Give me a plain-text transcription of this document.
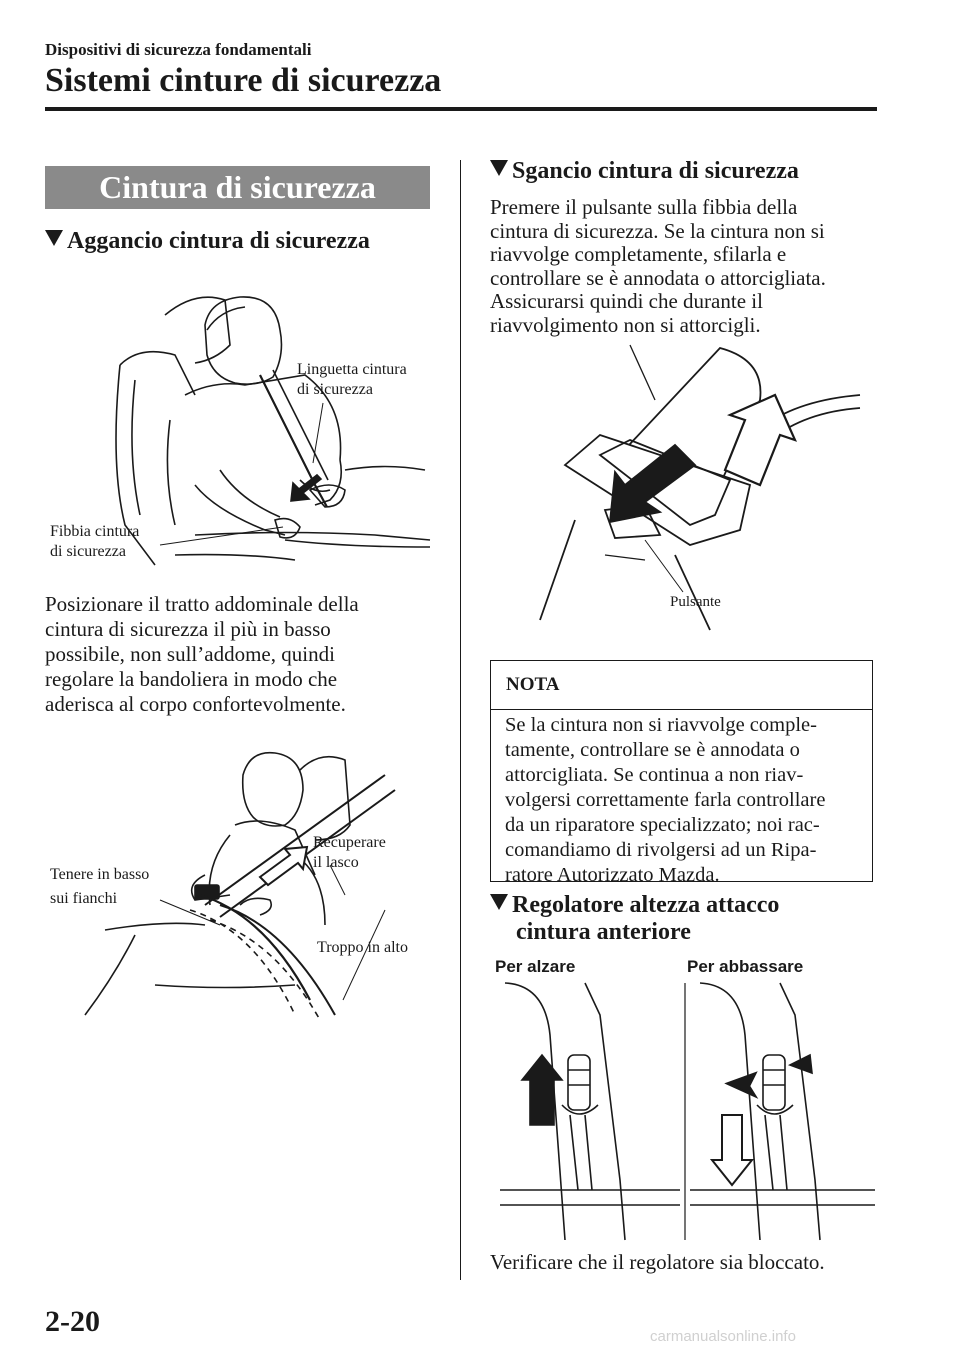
Dispositivi di sicurezza fondamentali
Sistemi cinture di sicurezza
Cintura di sicurezza
Aggancio cintura di sicurezza
Linguetta cintura
di sicurezza
Fibbia cintura
di sicurezza
Posizionare il tratto addominale della
cintura di sicurezza il più in basso
possibile, non sull’addome, quindi
regolare la bandoliera in modo che
aderisca al corpo confortevolmente.
Recuperare
il lasco
Tenere in basso
sui fianchi
Troppo in alto
Sgancio cintura di sicurezza
Premere il pulsante sulla fibbia della
cintura di sicurezza. Se la cintura non si
riavvolge completamente, sfilarla e
controllare se è annodata o attorcigliata.
Assicurarsi quindi che durante il
riavvolgimento non si attorcigli.
Pulsante
NOTA
Se la cintura non si riavvolge comple-
tamente, controllare se è annodata o
attorcigliata. Se continua a non riav-
volgersi correttamente farla controllare
da un riparatore specializzato; noi rac-
comandiamo di rivolgersi ad un Ripa-
ratore Autorizzato Mazda.
Regolatore altezza attacco
cintura anteriore
Per alzare	Per abbassare
Verificare che il regolatore sia bloccato.
2-20	carmanualsonline.info
